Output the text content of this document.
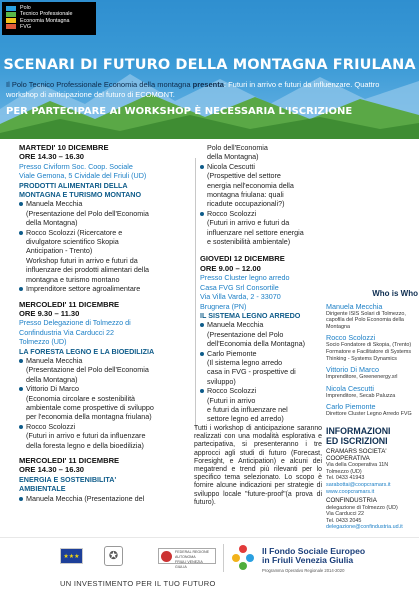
Polo
Tecnico Professionale
Economia Montagna
FVG
SCENARI DI FUTURO DELLA MONTAGNA FRIULANA
Il Polo Tecnico Professionale Economia della montagna presenta: Futuri in arrivo e futuri da influenzare. Quattro workshop di anticipazione del futuro di ECOMONT.
PER PARTECIPARE AI WORKSHOP È NECESSARIA L'ISCRIZIONE

MARTEDI' 10 DICEMBRE

ORE 14.30 – 16.30

Presso Civiform Soc. Coop. Sociale

Viale Gemona, 5 Cividale del Friuli (UD)

PRODOTTI ALIMENTARI DELLA

MONTAGNA E TURISMO MONTANO

Manuela Mecchia

(Presentazione del Polo dell'Economia

della Montagna)

Rocco Scolozzi (Ricercatore e

divulgatore scientifico Skopia

Anticipation - Trento)

Workshop futuri in arrivo e futuri da

influenzare dei prodotti alimentari della

montagna e turismo montano

Imprenditore settore agroalimentare

MERCOLEDI' 11 DICEMBRE

ORE 9.30 – 11.30

Presso Delegazione di Tolmezzo di

Confindustria Via Carducci 22

Tolmezzo (UD)

LA FORESTA LEGNO E LA BIOEDILIZIA

Manuela Mecchia

(Presentazione del Polo dell'Economia

della Montagna)

Vittorio Di Marco

(Economia circolare e sostenibilità

ambientale come prospettive di sviluppo

per l'economia della montagna friulana)

Rocco Scolozzi

(Futuri in arrivo e futuri da influenzare

della foresta legno e della bioedilizia)

MERCOLEDI' 11 DICEMBRE

ORE 14.30 – 16.30

ENERGIA E SOSTENIBILITA'

AMBIENTALE

Manuela Mecchia (Presentazione del

Polo dell'Economia

della Montagna)

Nicola Cescutti

(Prospettive del settore

energia nell'economia della

montagna friulana: quali

ricadute occupazionali?)

Rocco Scolozzi

(Futuri in arrivo e futuri da

influenzare nel settore energia

e sostenibilità ambientale)

GIOVEDI 12 DICEMBRE

ORE 9.00 – 12.00

Presso Cluster legno arredo

Casa FVG Srl Consortile

Via Villa Varda, 2 - 33070

Brugnera (PN)

IL SISTEMA LEGNO ARREDO

Manuela Mecchia

(Presentazione del Polo

dell'Economia della Montagna)

Carlo Piemonte

(Il sistema legno arredo

casa in FVG - prospettive di

sviluppo)

Rocco Scolozzi

(Futuri in arrivo

e futuri da influenzare nel

settore legno ed arredo)

Tutti i workshop di anticipazione saranno realizzati con una modalità esplorativa e partecipativa, si presenteranno i tre approcci agli studi di futuro (Forecast, Foresight, e Anticipation) e alcuni dei megatrend e trend più rilevanti per lo specifico tema selezionato. Lo scopo è fornire alcune indicazioni per strategie di sviluppo locale "future-proof"(a prova di futuro).
Who is Who
Manuela Mecchia
Dirigente ISIS Solari di Tolmezzo, capofila del Polo Economia della Montagna
Rocco Scolozzi
Socio Fondatore di Skopia, (Trento) Formatore e Facilitatore di Systems Thinking - Systems Dynamics
Vittorio Di Marco
Imprenditore, Greenenergy.srl
Nicola Cescutti
Imprenditore, Secab Paluzza
Carlo Piemonte
Direttore Cluster Legno Arredo FVG
INFORMAZIONI
ED ISCRIZIONI
CRAMARS SOCIETA' COOPERATIVA
Via della Cooperativa 11N
Tolmezzo (UD)
Tel. 0433 41943
sarabottai@coopcramars.it
www.coopcramars.it
CONFINDUSTRIA
delegazione di Tolmezzo (UD)
Via Carducci 22
Tel. 0433 2045
delegazione@confindustria.ud.it
★★★	✪	FEDERAL REGIONE AUTONOMA
FRIULI VENEZIA GIULIA
Il Fondo Sociale Europeo
in Friuli Venezia Giulia
Programma Operativo Regionale 2014-2020
UN INVESTIMENTO PER IL TUO FUTURO
